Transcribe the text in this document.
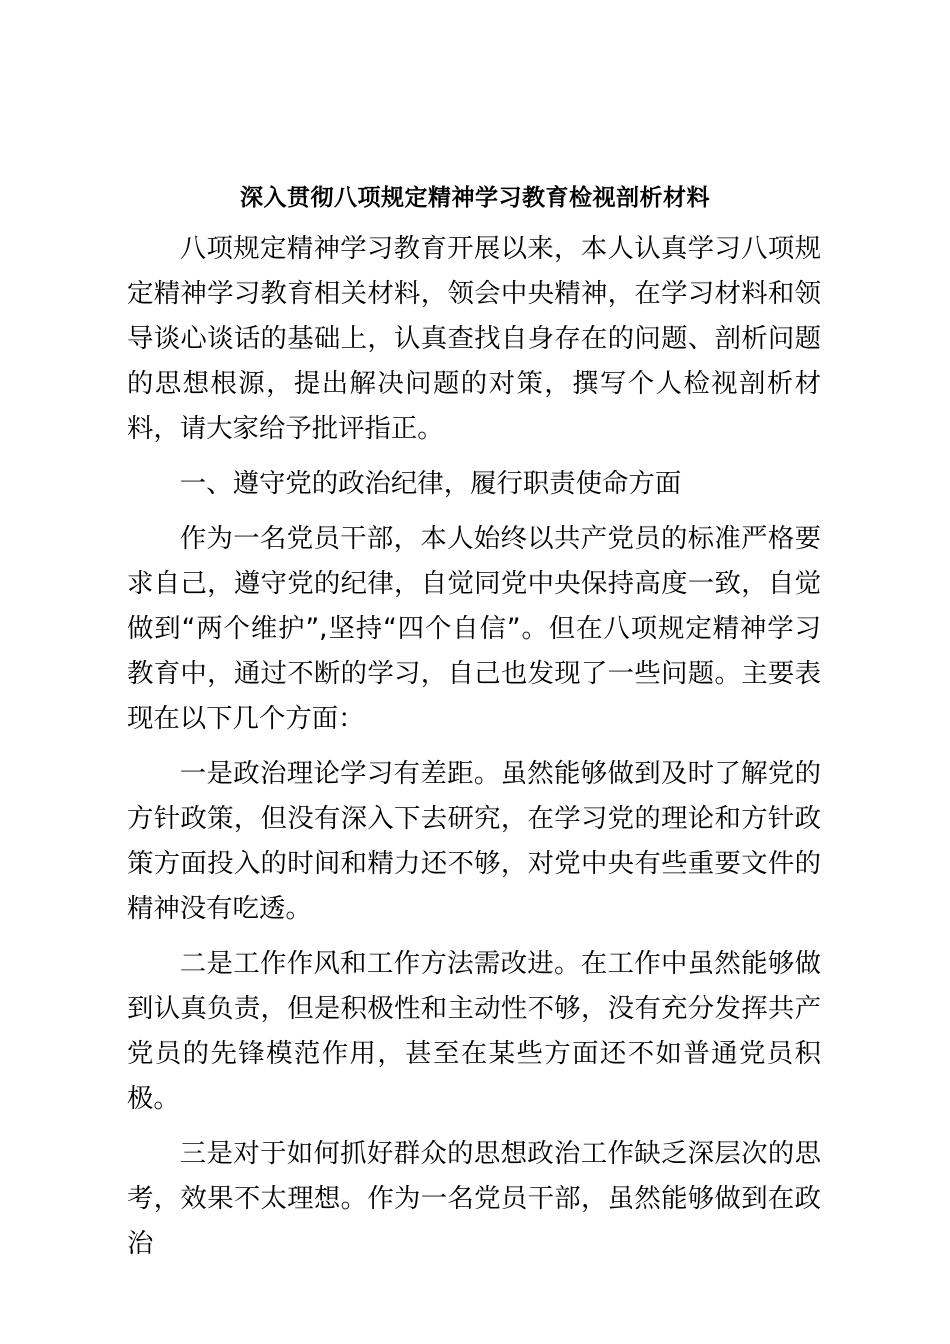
深入贯彻八项规定精神学习教育检视剖析材料

八项规定精神学习教育开展以来，本人认真学习八项规定精神学习教育相关材料，领会中央精神，在学习材料和领导谈心谈话的基础上，认真查找自身存在的问题、剖析问题的思想根源，提出解决问题的对策，撰写个人检视剖析材料，请大家给予批评指正。

一、遵守党的政治纪律，履行职责使命方面

作为一名党员干部，本人始终以共产党员的标准严格要求自己，遵守党的纪律，自觉同党中央保持高度一致，自觉做到“两个维护”,坚持“四个自信”。但在八项规定精神学习教育中，通过不断的学习，自己也发现了一些问题。主要表现在以下几个方面：

一是政治理论学习有差距。虽然能够做到及时了解党的方针政策，但没有深入下去研究，在学习党的理论和方针政策方面投入的时间和精力还不够，对党中央有些重要文件的精神没有吃透。

二是工作作风和工作方法需改进。在工作中虽然能够做到认真负责，但是积极性和主动性不够，没有充分发挥共产党员的先锋模范作用，甚至在某些方面还不如普通党员积极。

三是对于如何抓好群众的思想政治工作缺乏深层次的思考，效果不太理想。作为一名党员干部，虽然能够做到在政治
